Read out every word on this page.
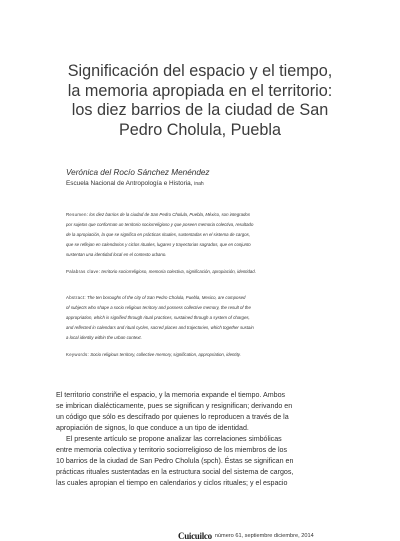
Significación del espacio y el tiempo,
la memoria apropiada en el territorio:
los diez barrios de la ciudad de San
Pedro Cholula, Puebla
Verónica del Rocío Sánchez Menéndez
Escuela Nacional de Antropología e Historia, inah
Resumen: los diez barrios de la ciudad de San Pedro Cholula, Puebla, México, son integrados
por sujetos que conforman un territorio sociorreligioso y que poseen memoria colectiva, resultado
de la apropiación, la que se significa en prácticas rituales, sustentadas en el sistema de cargos,
que se reflejan en calendarios y ciclos rituales, lugares y trayectorias sagrados, que en conjunto
sustentan una identidad local en el contexto urbano.
Palabras clave: territorio sociorreligioso, memoria colectiva, significación, apropiación, identidad.
Abstract: The ten boroughs of the city of San Pedro Cholula, Puebla, Mexico, are composed
of subjects who shape a socio religious territory and possess collective memory, the result of the
appropriation, which is signified through ritual practices, sustained through a system of charges,
and reflected in calendars and ritual cycles, sacred places and trajectories, which together sustain
a local identity within the urban context.
Keywords: Socio religious territory, collective memory, signification, appropriation, identity.
El territorio constriñe el espacio, y la memoria expande el tiempo. Ambos
se imbrican dialécticamente, pues se significan y resignifican; derivando en
un código que sólo es descifrado por quienes lo reproducen a través de la
apropiación de signos, lo que conduce a un tipo de identidad.
El presente artículo se propone analizar las correlaciones simbólicas
entre memoria colectiva y territorio sociorreligioso de los miembros de los
10 barrios de la ciudad de San Pedro Cholula (spch). Éstas se significan en
prácticas rituales sustentadas en la estructura social del sistema de cargos,
las cuales apropian el tiempo en calendarios y ciclos rituales; y el espacio
Cuicuilco número 61, septiembre diciembre, 2014
